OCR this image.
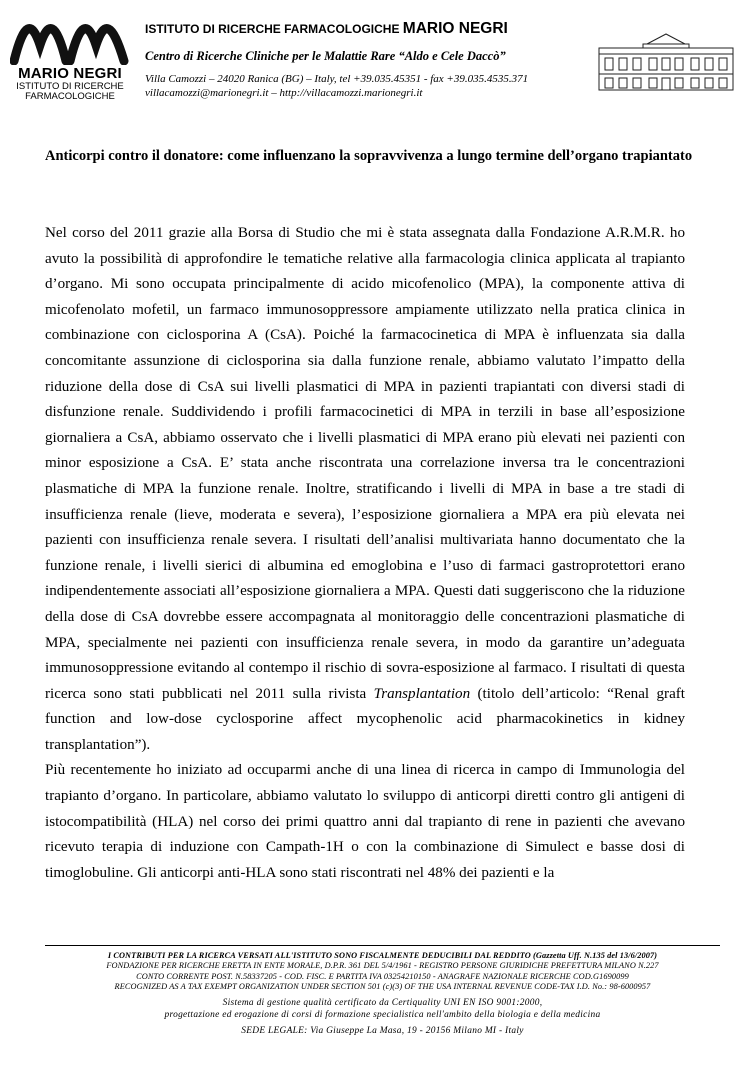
MARIO NEGRI
ISTITUTO DI RICERCHE
FARMACOLOGICHE
ISTITUTO DI RICERCHE FARMACOLOGICHE MARIO NEGRI
Centro di Ricerche Cliniche per le Malattie Rare “Aldo e Cele Daccò”
Villa Camozzi – 24020 Ranica (BG) – Italy, tel +39.035.45351 - fax +39.035.4535.371
villacamozzi@marionegri.it – http://villacamozzi.marionegri.it
Anticorpi contro il donatore: come influenzano la sopravvivenza a lungo termine dell’organo trapiantato

Nel corso del 2011 grazie alla Borsa di Studio che mi è stata assegnata dalla Fondazione A.R.M.R. ho avuto la possibilità di approfondire le tematiche relative alla farmacologia clinica applicata al trapianto d’organo. Mi sono occupata principalmente di acido micofenolico (MPA), la componente attiva di micofenolato mofetil, un farmaco immunosoppressore ampiamente utilizzato nella pratica clinica in combinazione con ciclosporina A (CsA). Poiché la farmacocinetica di MPA è influenzata sia dalla concomitante assunzione di ciclosporina sia dalla funzione renale, abbiamo valutato l’impatto della riduzione della dose di CsA sui livelli plasmatici di MPA in pazienti trapiantati con diversi stadi di disfunzione renale. Suddividendo i profili farmacocinetici di MPA in terzili in base all’esposizione giornaliera a CsA, abbiamo osservato che i livelli plasmatici di MPA erano più elevati nei pazienti con minor esposizione a CsA. E’ stata anche riscontrata una correlazione inversa tra le concentrazioni plasmatiche di MPA la funzione renale. Inoltre, stratificando i livelli di MPA in base a tre stadi di insufficienza renale (lieve, moderata e severa), l’esposizione giornaliera a MPA era più elevata nei pazienti con insufficienza renale severa. I risultati dell’analisi multivariata hanno documentato che la funzione renale, i livelli sierici di albumina ed emoglobina e l’uso di farmaci gastroprotettori erano indipendentemente associati all’esposizione giornaliera a MPA. Questi dati suggeriscono che la riduzione della dose di CsA dovrebbe essere accompagnata al monitoraggio delle concentrazioni plasmatiche di MPA, specialmente nei pazienti con insufficienza renale severa, in modo da garantire un’adeguata immunosoppressione evitando al contempo il rischio di sovra-esposizione al farmaco. I risultati di questa ricerca sono stati pubblicati nel 2011 sulla rivista Transplantation (titolo dell’articolo: “Renal graft function and low-dose cyclosporine affect mycophenolic acid pharmacokinetics in kidney transplantation”).

Più recentemente ho iniziato ad occuparmi anche di una linea di ricerca in campo di Immunologia del trapianto d’organo. In particolare, abbiamo valutato lo sviluppo di anticorpi diretti contro gli antigeni di istocompatibilità (HLA) nel corso dei primi quattro anni dal trapianto di rene in pazienti che avevano ricevuto terapia di induzione con Campath-1H o con la combinazione di Simulect e basse dosi di timoglobuline. Gli anticorpi anti-HLA sono stati riscontrati nel 48% dei pazienti e la

I CONTRIBUTI PER LA RICERCA VERSATI ALL'ISTITUTO SONO FISCALMENTE DEDUCIBILI DAL REDDITO (Gazzetta Uff. N.135 del 13/6/2007)
FONDAZIONE PER RICERCHE ERETTA IN ENTE MORALE, D.P.R. 361 DEL 5/4/1961 - REGISTRO PERSONE GIURIDICHE PREFETTURA MILANO N.227
CONTO CORRENTE POST. N.58337205 - COD. FISC. E PARTITA IVA 03254210150 - ANAGRAFE NAZIONALE RICERCHE COD.G1690099
RECOGNIZED AS A TAX EXEMPT ORGANIZATION UNDER SECTION 501 (c)(3) OF THE USA INTERNAL REVENUE CODE-TAX I.D. No.: 98-6000957
Sistema di gestione qualità certificato da Certiquality UNI EN ISO 9001:2000,
progettazione ed erogazione di corsi di formazione specialistica nell'ambito della biologia e della medicina
SEDE LEGALE: Via Giuseppe La Masa, 19 - 20156 Milano MI - Italy
